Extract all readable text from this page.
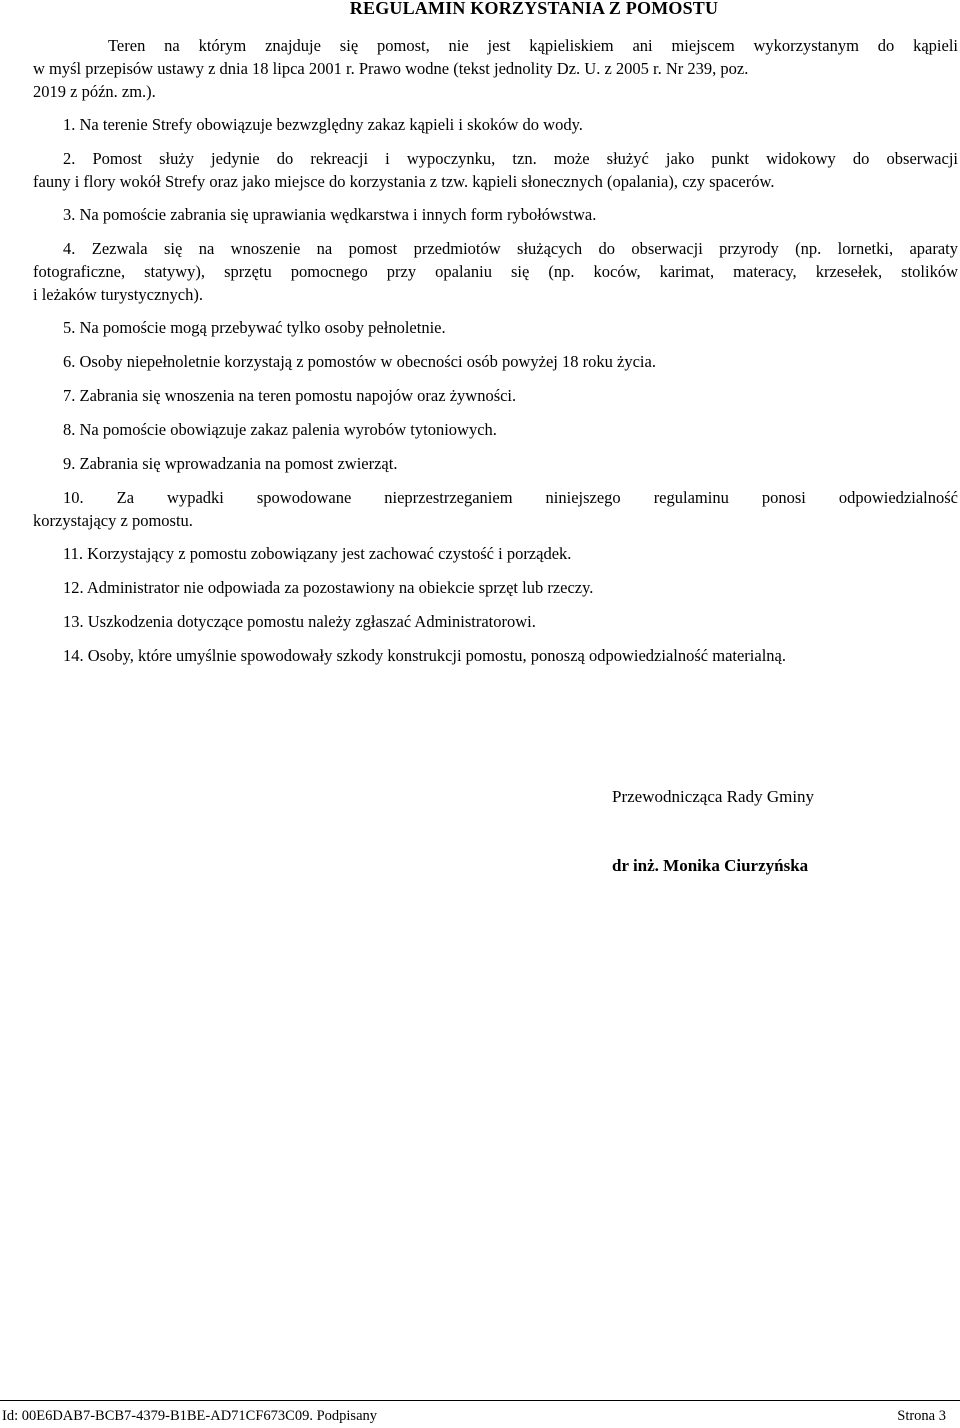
REGULAMIN KORZYSTANIA Z POMOSTU
Teren na którym znajduje się pomost, nie jest kąpieliskiem ani miejscem wykorzystanym do kąpieli
w myśl przepisów ustawy z dnia 18 lipca 2001 r. Prawo wodne (tekst jednolity Dz. U. z 2005 r. Nr 239, poz.
2019 z późn. zm.).
1. Na terenie Strefy obowiązuje bezwzględny zakaz kąpieli i skoków do wody.
2. Pomost służy jedynie do rekreacji i wypoczynku, tzn. może służyć jako punkt widokowy do obserwacji
fauny i flory wokół Strefy oraz jako miejsce do korzystania z tzw. kąpieli słonecznych (opalania), czy spacerów.
3. Na pomoście zabrania się uprawiania wędkarstwa i innych form rybołówstwa.
4. Zezwala się na wnoszenie na pomost przedmiotów służących do obserwacji przyrody (np. lornetki, aparaty
fotograficzne, statywy), sprzętu pomocnego przy opalaniu się (np. koców, karimat, materacy, krzesełek, stolików
i leżaków turystycznych).
5. Na pomoście mogą przebywać tylko osoby pełnoletnie.
6. Osoby niepełnoletnie korzystają z pomostów w obecności osób powyżej 18 roku życia.
7. Zabrania się wnoszenia na teren pomostu napojów oraz żywności.
8. Na pomoście obowiązuje zakaz palenia wyrobów tytoniowych.
9. Zabrania się wprowadzania na pomost zwierząt.
10. Za wypadki spowodowane nieprzestrzeganiem niniejszego regulaminu ponosi odpowiedzialność
korzystający z pomostu.
11. Korzystający z pomostu zobowiązany jest zachować czystość i porządek.
12. Administrator nie odpowiada za pozostawiony na obiekcie sprzęt lub rzeczy.
13. Uszkodzenia dotyczące pomostu należy zgłaszać Administratorowi.
14. Osoby, które umyślnie spowodowały szkody konstrukcji pomostu, ponoszą odpowiedzialność materialną.
Przewodnicząca Rady Gminy
dr inż. Monika Ciurzyńska
Id: 00E6DAB7-BCB7-4379-B1BE-AD71CF673C09. Podpisany	Strona 3
